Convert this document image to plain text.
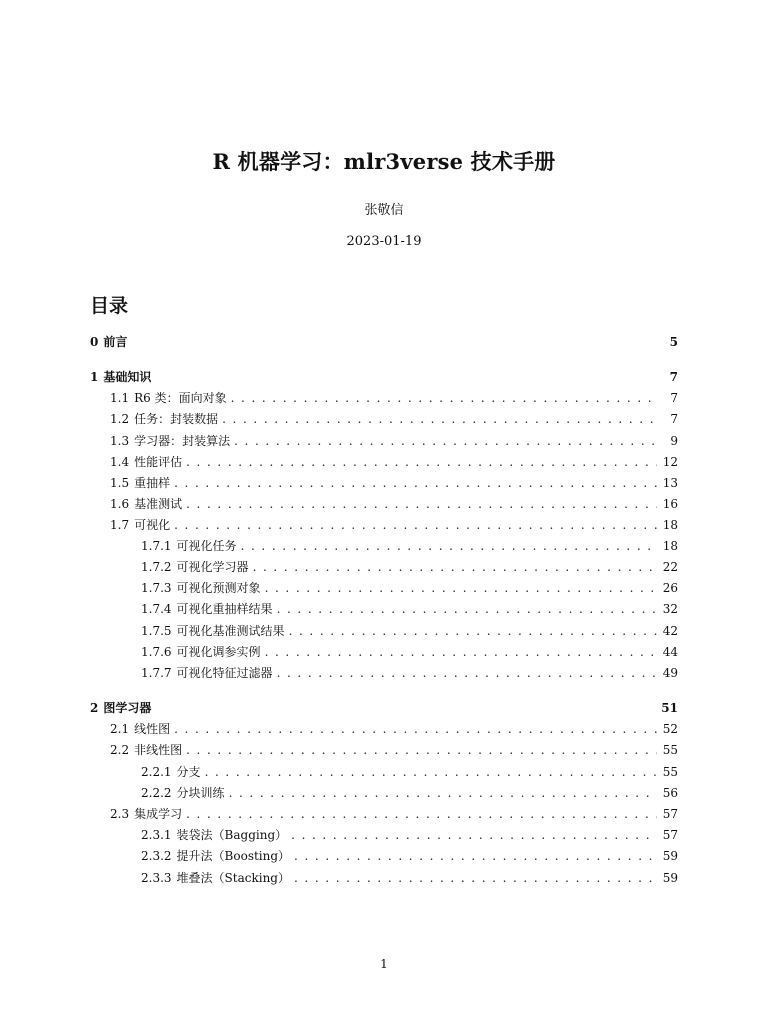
R 机器学习：mlr3verse 技术手册
张敬信
2023-01-19
目录
0 前言	5
1 基础知识	7
1.1 R6 类：面向对象 . . .	7
1.2 任务：封装数据 . . .	7
1.3 学习器：封装算法 . . .	9
1.4 性能评估 . . .	12
1.5 重抽样 . . .	13
1.6 基准测试 . . .	16
1.7 可视化 . . .	18
1.7.1 可视化任务 . . .	18
1.7.2 可视化学习器 . . .	22
1.7.3 可视化预测对象 . . .	26
1.7.4 可视化重抽样结果 . . .	32
1.7.5 可视化基准测试结果 . . .	42
1.7.6 可视化调参实例 . . .	44
1.7.7 可视化特征过滤器 . . .	49
2 图学习器	51
2.1 线性图 . . .	52
2.2 非线性图 . . .	55
2.2.1 分支 . . .	55
2.2.2 分块训练 . . .	56
2.3 集成学习 . . .	57
2.3.1 装袋法（Bagging） . . .	57
2.3.2 提升法（Boosting） . . .	59
2.3.3 堆叠法（Stacking） . . .	59
1
